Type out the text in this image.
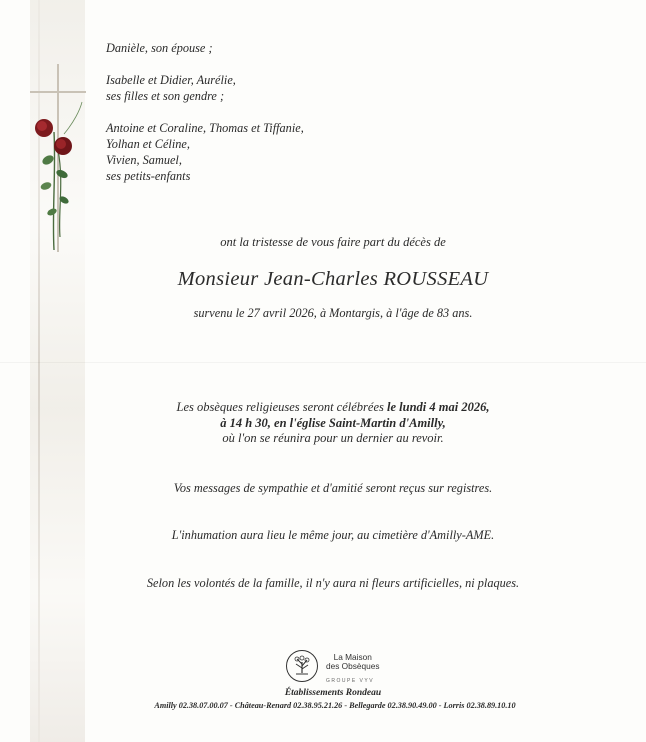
Danièle, son épouse ;

Isabelle et Didier, Aurélie,
ses filles et son gendre ;

Antoine et Coraline, Thomas et Tiffanie,
Yolhan et Céline,
Vivien, Samuel,
ses petits-enfants

ont la tristesse de vous faire part du décès de
Monsieur Jean-Charles ROUSSEAU
survenu le 27 avril 2026, à Montargis, à l'âge de 83 ans.
Les obsèques religieuses seront célébrées le lundi 4 mai 2026,
à 14 h 30, en l'église Saint-Martin d'Amilly,
où l'on se réunira pour un dernier au revoir.
Vos messages de sympathie et d'amitié seront reçus sur registres.
L'inhumation aura lieu le même jour, au cimetière d'Amilly-AME.
Selon les volontés de la famille, il n'y aura ni fleurs artificielles, ni plaques.
La Maison
des Obsèques
GROUPE VYV
Établissements Rondeau
Amilly 02.38.07.00.07 - Château-Renard 02.38.95.21.26 - Bellegarde 02.38.90.49.00 - Lorris 02.38.89.10.10
